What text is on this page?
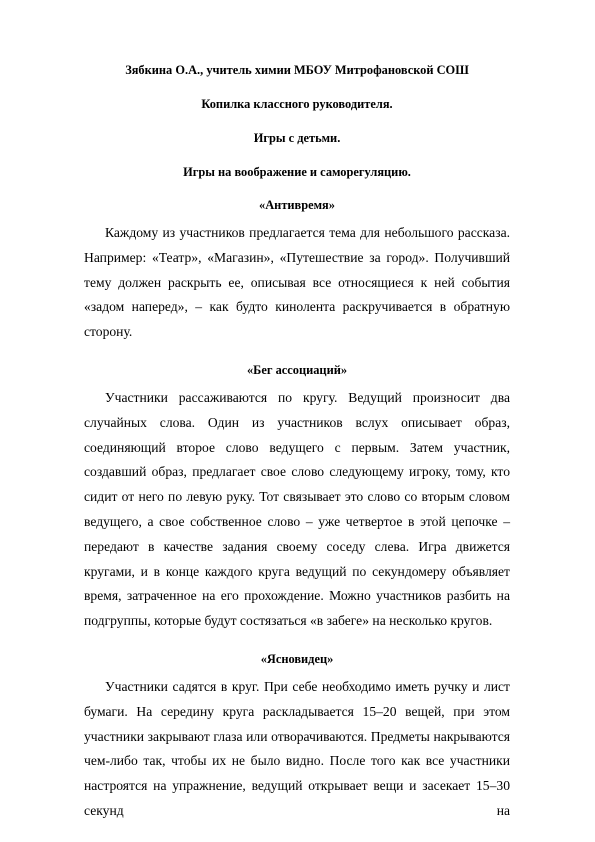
Зябкина О.А., учитель химии МБОУ Митрофановской СОШ
Копилка классного руководителя.
Игры с детьми.
Игры на воображение и саморегуляцию.
«Антивремя»

Каждому из участников предлагается тема для небольшого рассказа. Например: «Театр», «Магазин», «Путешествие за город». Получивший тему должен раскрыть ее, описывая все относящиеся к ней события «задом наперед», – как будто кинолента раскручивается в обратную сторону.

«Бег ассоциаций»

Участники рассаживаются по кругу. Ведущий произносит два случайных слова. Один из участников вслух описывает образ, соединяющий второе слово ведущего с первым. Затем участник, создавший образ, предлагает свое слово следующему игроку, тому, кто сидит от него по левую руку. Тот связывает это слово со вторым словом ведущего, а свое собственное слово – уже четвертое в этой цепочке – передают в качестве задания своему соседу слева. Игра движется кругами, и в конце каждого круга ведущий по секундомеру объявляет время, затраченное на его прохождение. Можно участников разбить на подгруппы, которые будут состязаться «в забеге» на несколько кругов.

«Ясновидец»

Участники садятся в круг. При себе необходимо иметь ручку и лист бумаги. На середину круга раскладывается 15–20 вещей, при этом участники закрывают глаза или отворачиваются. Предметы накрываются чем-либо так, чтобы их не было видно. После того как все участники настроятся на упражнение, ведущий открывает вещи и засекает 15–30 секунд на
